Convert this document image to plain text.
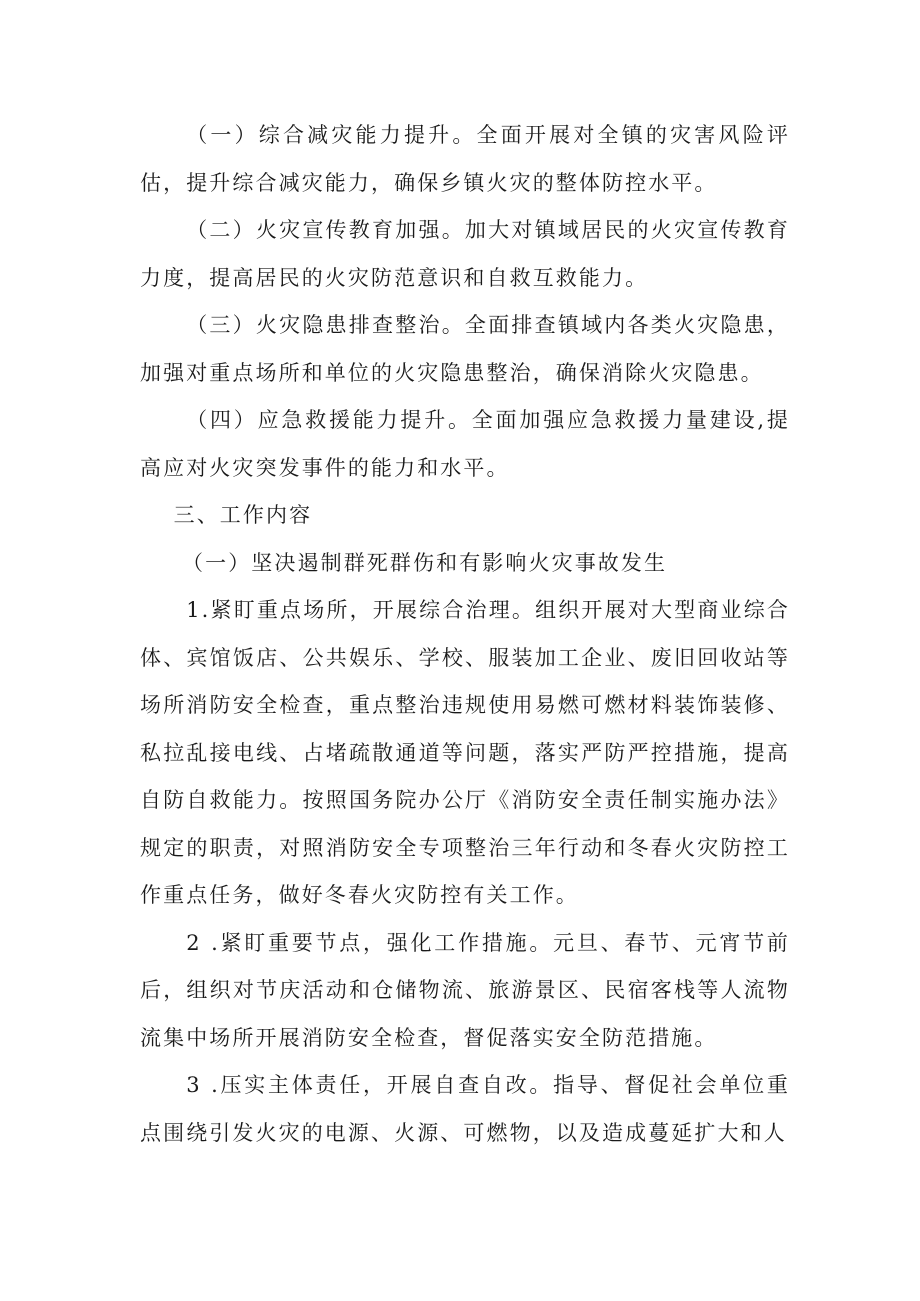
（一）综合减灾能力提升。全面开展对全镇的灾害风险评估，提升综合减灾能力，确保乡镇火灾的整体防控水平。

（二）火灾宣传教育加强。加大对镇域居民的火灾宣传教育力度，提高居民的火灾防范意识和自救互救能力。

（三）火灾隐患排查整治。全面排查镇域内各类火灾隐患，加强对重点场所和单位的火灾隐患整治，确保消除火灾隐患。

（四）应急救援能力提升。全面加强应急救援力量建设,提高应对火灾突发事件的能力和水平。

三、工作内容

（一）坚决遏制群死群伤和有影响火灾事故发生

1.紧盯重点场所，开展综合治理。组织开展对大型商业综合体、宾馆饭店、公共娱乐、学校、服装加工企业、废旧回收站等场所消防安全检查，重点整治违规使用易燃可燃材料装饰装修、私拉乱接电线、占堵疏散通道等问题，落实严防严控措施，提高自防自救能力。按照国务院办公厅《消防安全责任制实施办法》规定的职责，对照消防安全专项整治三年行动和冬春火灾防控工作重点任务，做好冬春火灾防控有关工作。

2 .紧盯重要节点，强化工作措施。元旦、春节、元宵节前后，组织对节庆活动和仓储物流、旅游景区、民宿客栈等人流物流集中场所开展消防安全检查，督促落实安全防范措施。

3 .压实主体责任，开展自查自改。指导、督促社会单位重点围绕引发火灾的电源、火源、可燃物，以及造成蔓延扩大和人
